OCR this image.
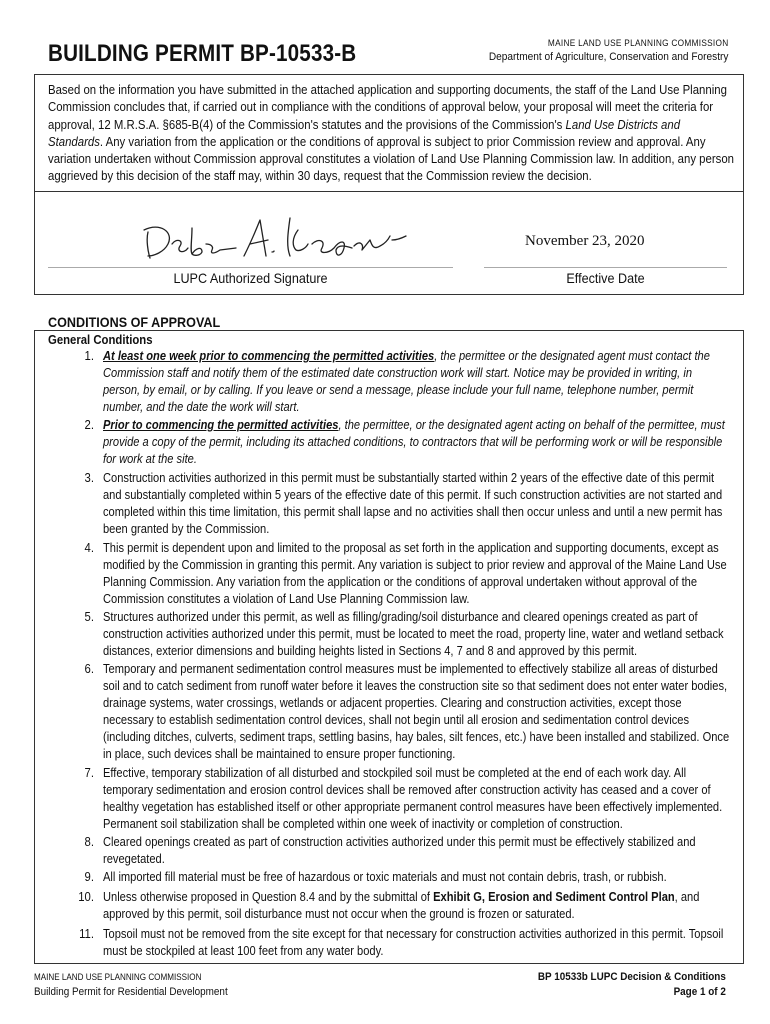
BUILDING PERMIT BP-10533-B	MAINE LAND USE PLANNING COMMISSION
Department of Agriculture, Conservation and Forestry
Based on the information you have submitted in the attached application and supporting documents, the staff of the Land Use Planning Commission concludes that, if carried out in compliance with the conditions of approval below, your proposal will meet the criteria for approval, 12 M.R.S.A. §685-B(4) of the Commission's statutes and the provisions of the Commission's Land Use Districts and Standards. Any variation from the application or the conditions of approval is subject to prior Commission review and approval. Any variation undertaken without Commission approval constitutes a violation of Land Use Planning Commission law. In addition, any person aggrieved by this decision of the staff may, within 30 days, request that the Commission review the decision.
November 23, 2020
LUPC Authorized Signature	Effective Date
CONDITIONS OF APPROVAL
General Conditions
1. At least one week prior to commencing the permitted activities, the permittee or the designated agent must contact the Commission staff and notify them of the estimated date construction work will start. Notice may be provided in writing, in person, by email, or by calling. If you leave or send a message, please include your full name, telephone number, permit number, and the date the work will start.
2. Prior to commencing the permitted activities, the permittee, or the designated agent acting on behalf of the permittee, must provide a copy of the permit, including its attached conditions, to contractors that will be performing work or will be responsible for work at the site.
3. Construction activities authorized in this permit must be substantially started within 2 years of the effective date of this permit and substantially completed within 5 years of the effective date of this permit. If such construction activities are not started and completed within this time limitation, this permit shall lapse and no activities shall then occur unless and until a new permit has been granted by the Commission.
4. This permit is dependent upon and limited to the proposal as set forth in the application and supporting documents, except as modified by the Commission in granting this permit. Any variation is subject to prior review and approval of the Maine Land Use Planning Commission. Any variation from the application or the conditions of approval undertaken without approval of the Commission constitutes a violation of Land Use Planning Commission law.
5. Structures authorized under this permit, as well as filling/grading/soil disturbance and cleared openings created as part of construction activities authorized under this permit, must be located to meet the road, property line, water and wetland setback distances, exterior dimensions and building heights listed in Sections 4, 7 and 8 and approved by this permit.
6. Temporary and permanent sedimentation control measures must be implemented to effectively stabilize all areas of disturbed soil and to catch sediment from runoff water before it leaves the construction site so that sediment does not enter water bodies, drainage systems, water crossings, wetlands or adjacent properties. Clearing and construction activities, except those necessary to establish sedimentation control devices, shall not begin until all erosion and sedimentation control devices (including ditches, culverts, sediment traps, settling basins, hay bales, silt fences, etc.) have been installed and stabilized. Once in place, such devices shall be maintained to ensure proper functioning.
7. Effective, temporary stabilization of all disturbed and stockpiled soil must be completed at the end of each work day. All temporary sedimentation and erosion control devices shall be removed after construction activity has ceased and a cover of healthy vegetation has established itself or other appropriate permanent control measures have been effectively implemented. Permanent soil stabilization shall be completed within one week of inactivity or completion of construction.
8. Cleared openings created as part of construction activities authorized under this permit must be effectively stabilized and revegetated.
9. All imported fill material must be free of hazardous or toxic materials and must not contain debris, trash, or rubbish.
10. Unless otherwise proposed in Question 8.4 and by the submittal of Exhibit G, Erosion and Sediment Control Plan, and approved by this permit, soil disturbance must not occur when the ground is frozen or saturated.
11. Topsoil must not be removed from the site except for that necessary for construction activities authorized in this permit. Topsoil must be stockpiled at least 100 feet from any water body.
MAINE LAND USE PLANNING COMMISSION
Building Permit for Residential Development
BP 10533b LUPC Decision & Conditions
Page 1 of 2
